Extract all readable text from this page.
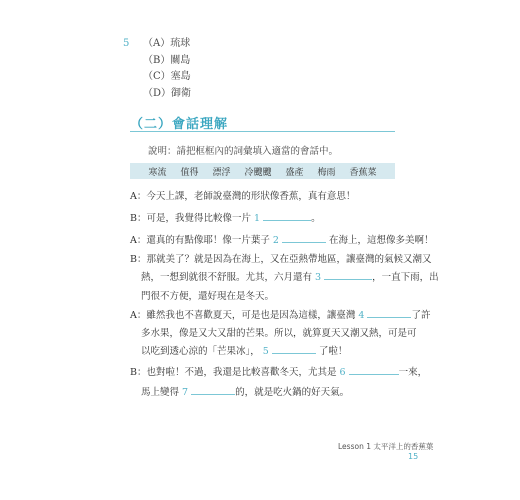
5 （A）琉球
（B）關島
（C）塞島
（D）御衛
（二）會話理解
說明：請把框框內的詞彙填入適當的會話中。
寒流 值得 漂浮 冷颼颼 盛產 梅雨 香蕉菜
A：今天上課，老師說臺灣的形狀像香蕉，真有意思！
B：可是，我覺得比較像一片 1	。
A：還真的有點像耶！像一片葉子 2	在海上，這想像多美啊！
B：那就美了？就是因為在海上，又在亞熱帶地區，讓臺灣的氣候又潮又
熱，一想到就很不舒服。尤其，六月還有 3	，一直下雨，出
門很不方便，還好現在是冬天。
A：雖然我也不喜歡夏天，可是也是因為這樣，讓臺灣 4	了許
多水果，像是又大又甜的芒果。所以，就算夏天又潮又熱，可是可
以吃到透心涼的「芒果冰」， 5	了啦！
B：也對啦！不過，我還是比較喜歡冬天，尤其是 6	一來，
馬上變得 7	的，就是吃火鍋的好天氣。
Lesson 1 太平洋上的香蕉葉
15
